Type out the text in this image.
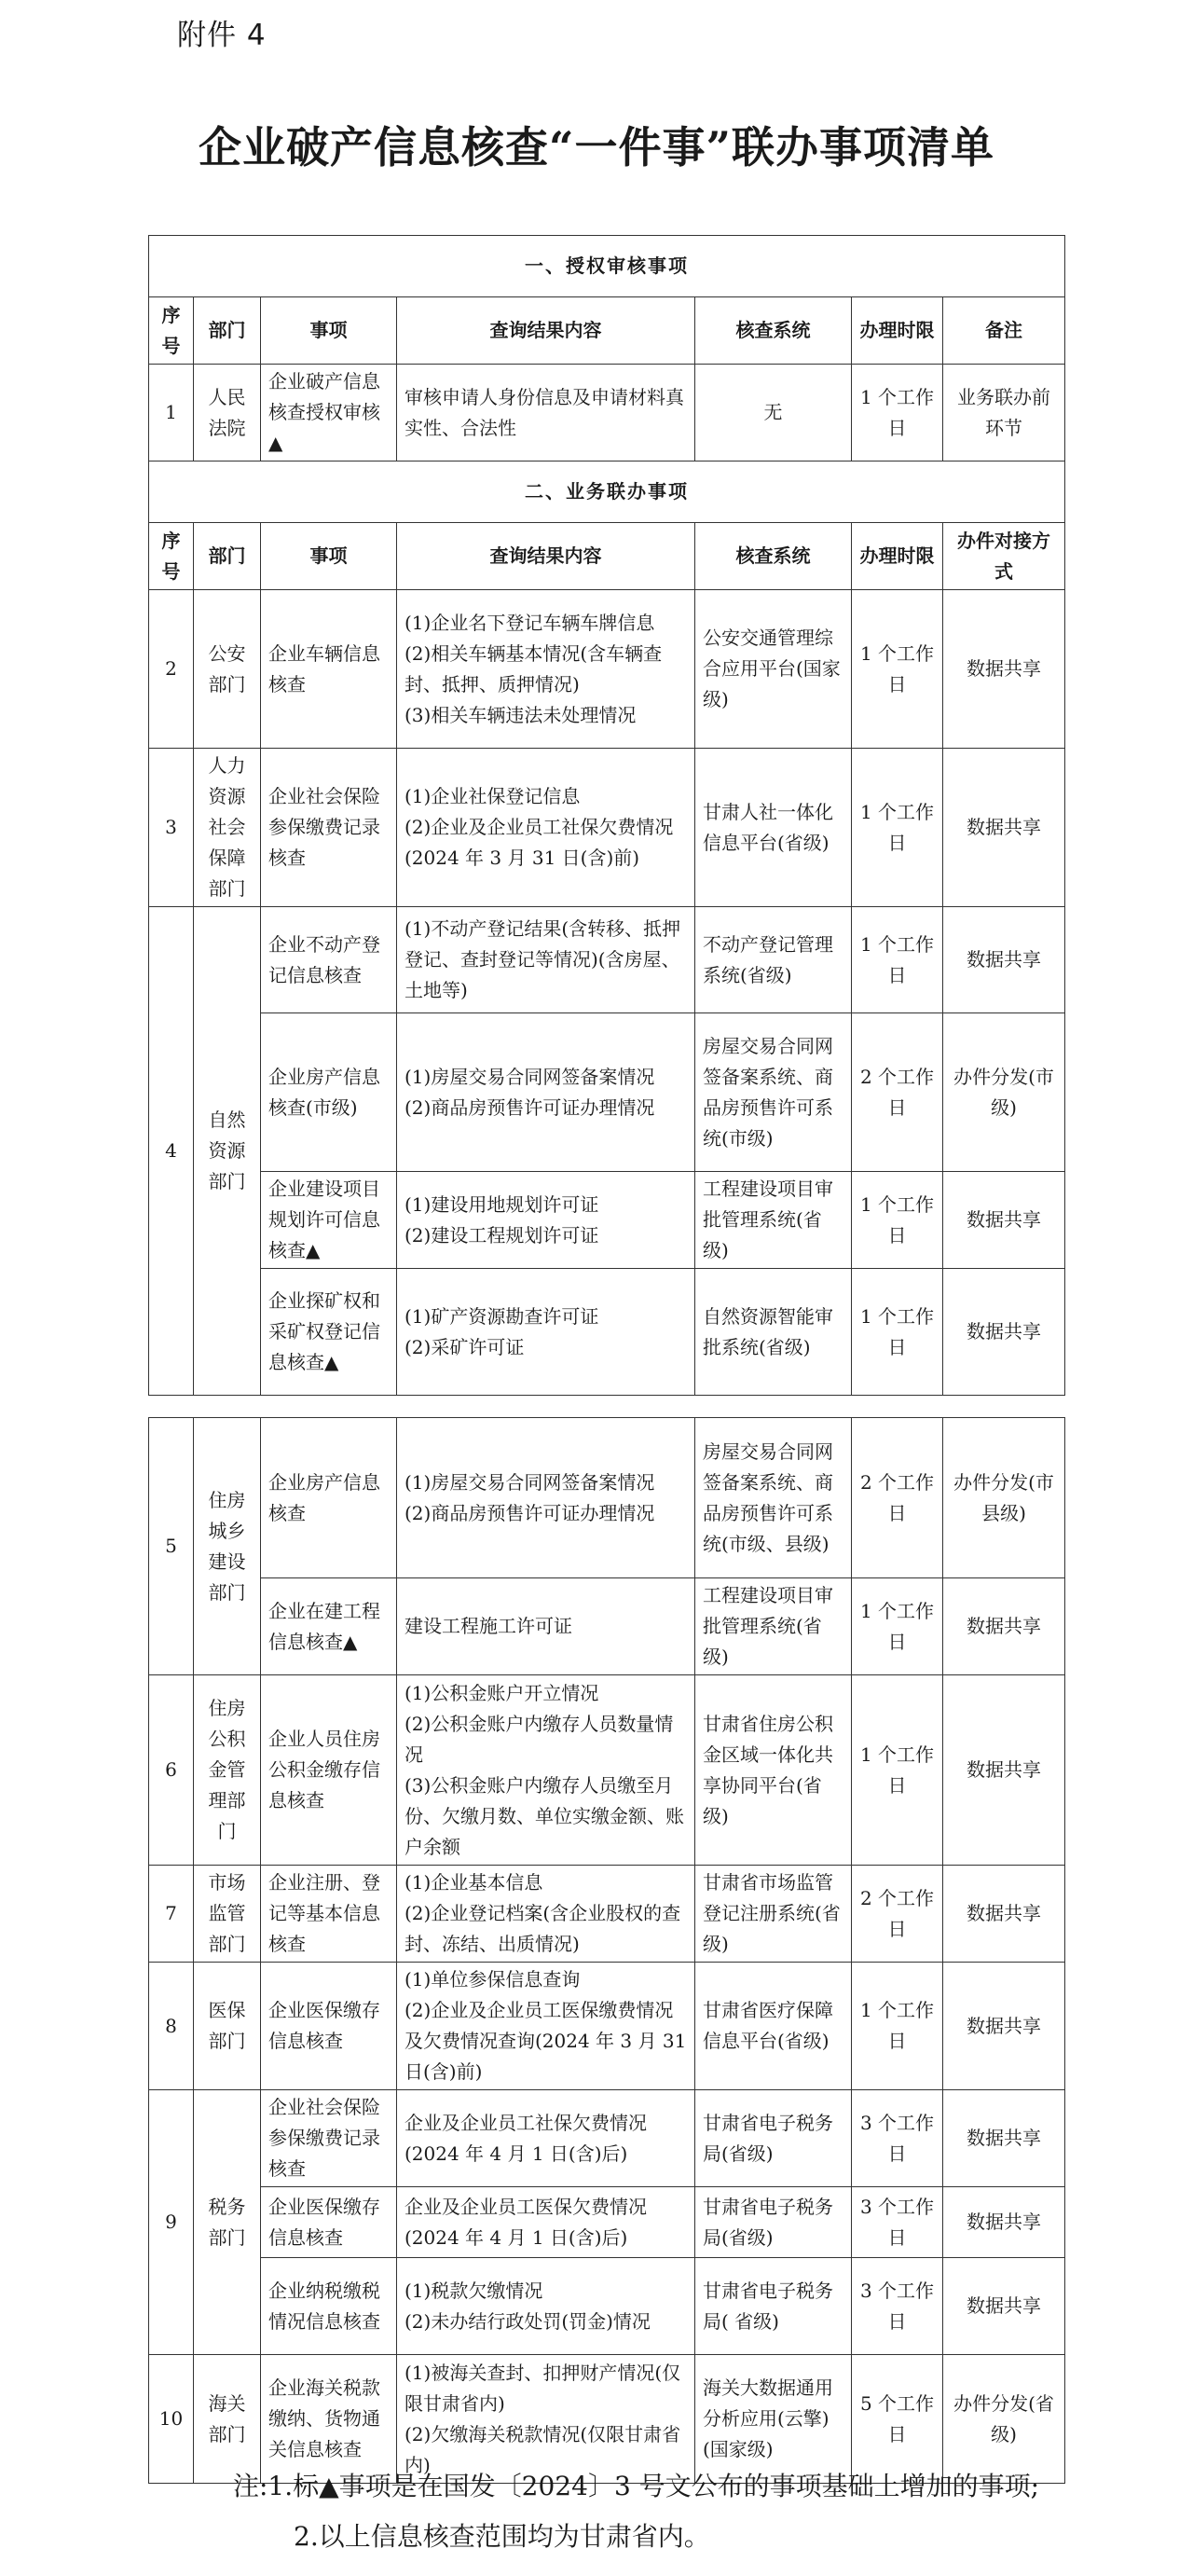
附件 4
企业破产信息核查“一件事”联办事项清单
一、授权审核事项						
序号	部门	事项	查询结果内容	核查系统	办理时限	备注
1	人民法院	企业破产信息核查授权审核▲	审核申请人身份信息及申请材料真实性、合法性	无	1 个工作日	业务联办前环节
二、业务联办事项						
序号	部门	事项	查询结果内容	核查系统	办理时限	办件对接方式
2	公安部门	企业车辆信息核查	(1)企业名下登记车辆车牌信息
(2)相关车辆基本情况(含车辆查封、抵押、质押情况)
(3)相关车辆违法未处理情况	公安交通管理综合应用平台(国家级)	1 个工作日	数据共享
3	人力资源社会保障部门	企业社会保险参保缴费记录核查	(1)企业社保登记信息
(2)企业及企业员工社保欠费情况(2024 年 3 月 31 日(含)前)	甘肃人社一体化信息平台(省级)	1 个工作日	数据共享
4	自然资源部门	企业不动产登记信息核查	(1)不动产登记结果(含转移、抵押登记、查封登记等情况)(含房屋、土地等)	不动产登记管理系统(省级)	1 个工作日	数据共享
		企业房产信息核查(市级)	(1)房屋交易合同网签备案情况
(2)商品房预售许可证办理情况	房屋交易合同网签备案系统、商品房预售许可系统(市级)	2 个工作日	办件分发(市级)
		企业建设项目规划许可信息核查▲	(1)建设用地规划许可证
(2)建设工程规划许可证	工程建设项目审批管理系统(省级)	1 个工作日	数据共享
		企业探矿权和采矿权登记信息核查▲	(1)矿产资源勘查许可证
(2)采矿许可证	自然资源智能审批系统(省级)	1 个工作日	数据共享
5	住房城乡建设部门	企业房产信息核查	(1)房屋交易合同网签备案情况
(2)商品房预售许可证办理情况	房屋交易合同网签备案系统、商品房预售许可系统(市级、县级)	2 个工作日	办件分发(市县级)
		企业在建工程信息核查▲	建设工程施工许可证	工程建设项目审批管理系统(省级)	1 个工作日	数据共享
6	住房公积金管理部门	企业人员住房公积金缴存信息核查	(1)公积金账户开立情况
(2)公积金账户内缴存人员数量情况
(3)公积金账户内缴存人员缴至月份、欠缴月数、单位实缴金额、账户余额	甘肃省住房公积金区域一体化共享协同平台(省级)	1 个工作日	数据共享
7	市场监管部门	企业注册、登记等基本信息核查	(1)企业基本信息
(2)企业登记档案(含企业股权的查封、冻结、出质情况)	甘肃省市场监管登记注册系统(省级)	2 个工作日	数据共享
8	医保部门	企业医保缴存信息核查	(1)单位参保信息查询
(2)企业及企业员工医保缴费情况及欠费情况查询(2024 年 3 月 31 日(含)前)	甘肃省医疗保障信息平台(省级)	1 个工作日	数据共享
9	税务部门	企业社会保险参保缴费记录核查	企业及企业员工社保欠费情况(2024 年 4 月 1 日(含)后)	甘肃省电子税务局(省级)	3 个工作日	数据共享
		企业医保缴存信息核查	企业及企业员工医保欠费情况(2024 年 4 月 1 日(含)后)	甘肃省电子税务局(省级)	3 个工作日	数据共享
		企业纳税缴税情况信息核查	(1)税款欠缴情况
(2)未办结行政处罚(罚金)情况	甘肃省电子税务局( 省级)	3 个工作日	数据共享
10	海关部门	企业海关税款缴纳、货物通关信息核查	(1)被海关查封、扣押财产情况(仅限甘肃省内)
(2)欠缴海关税款情况(仅限甘肃省内)	海关大数据通用分析应用(云擎)(国家级)	5 个工作日	办件分发(省级)
注:1.标▲事项是在国发〔2024〕3 号文公布的事项基础上增加的事项;
2.以上信息核查范围均为甘肃省内。
